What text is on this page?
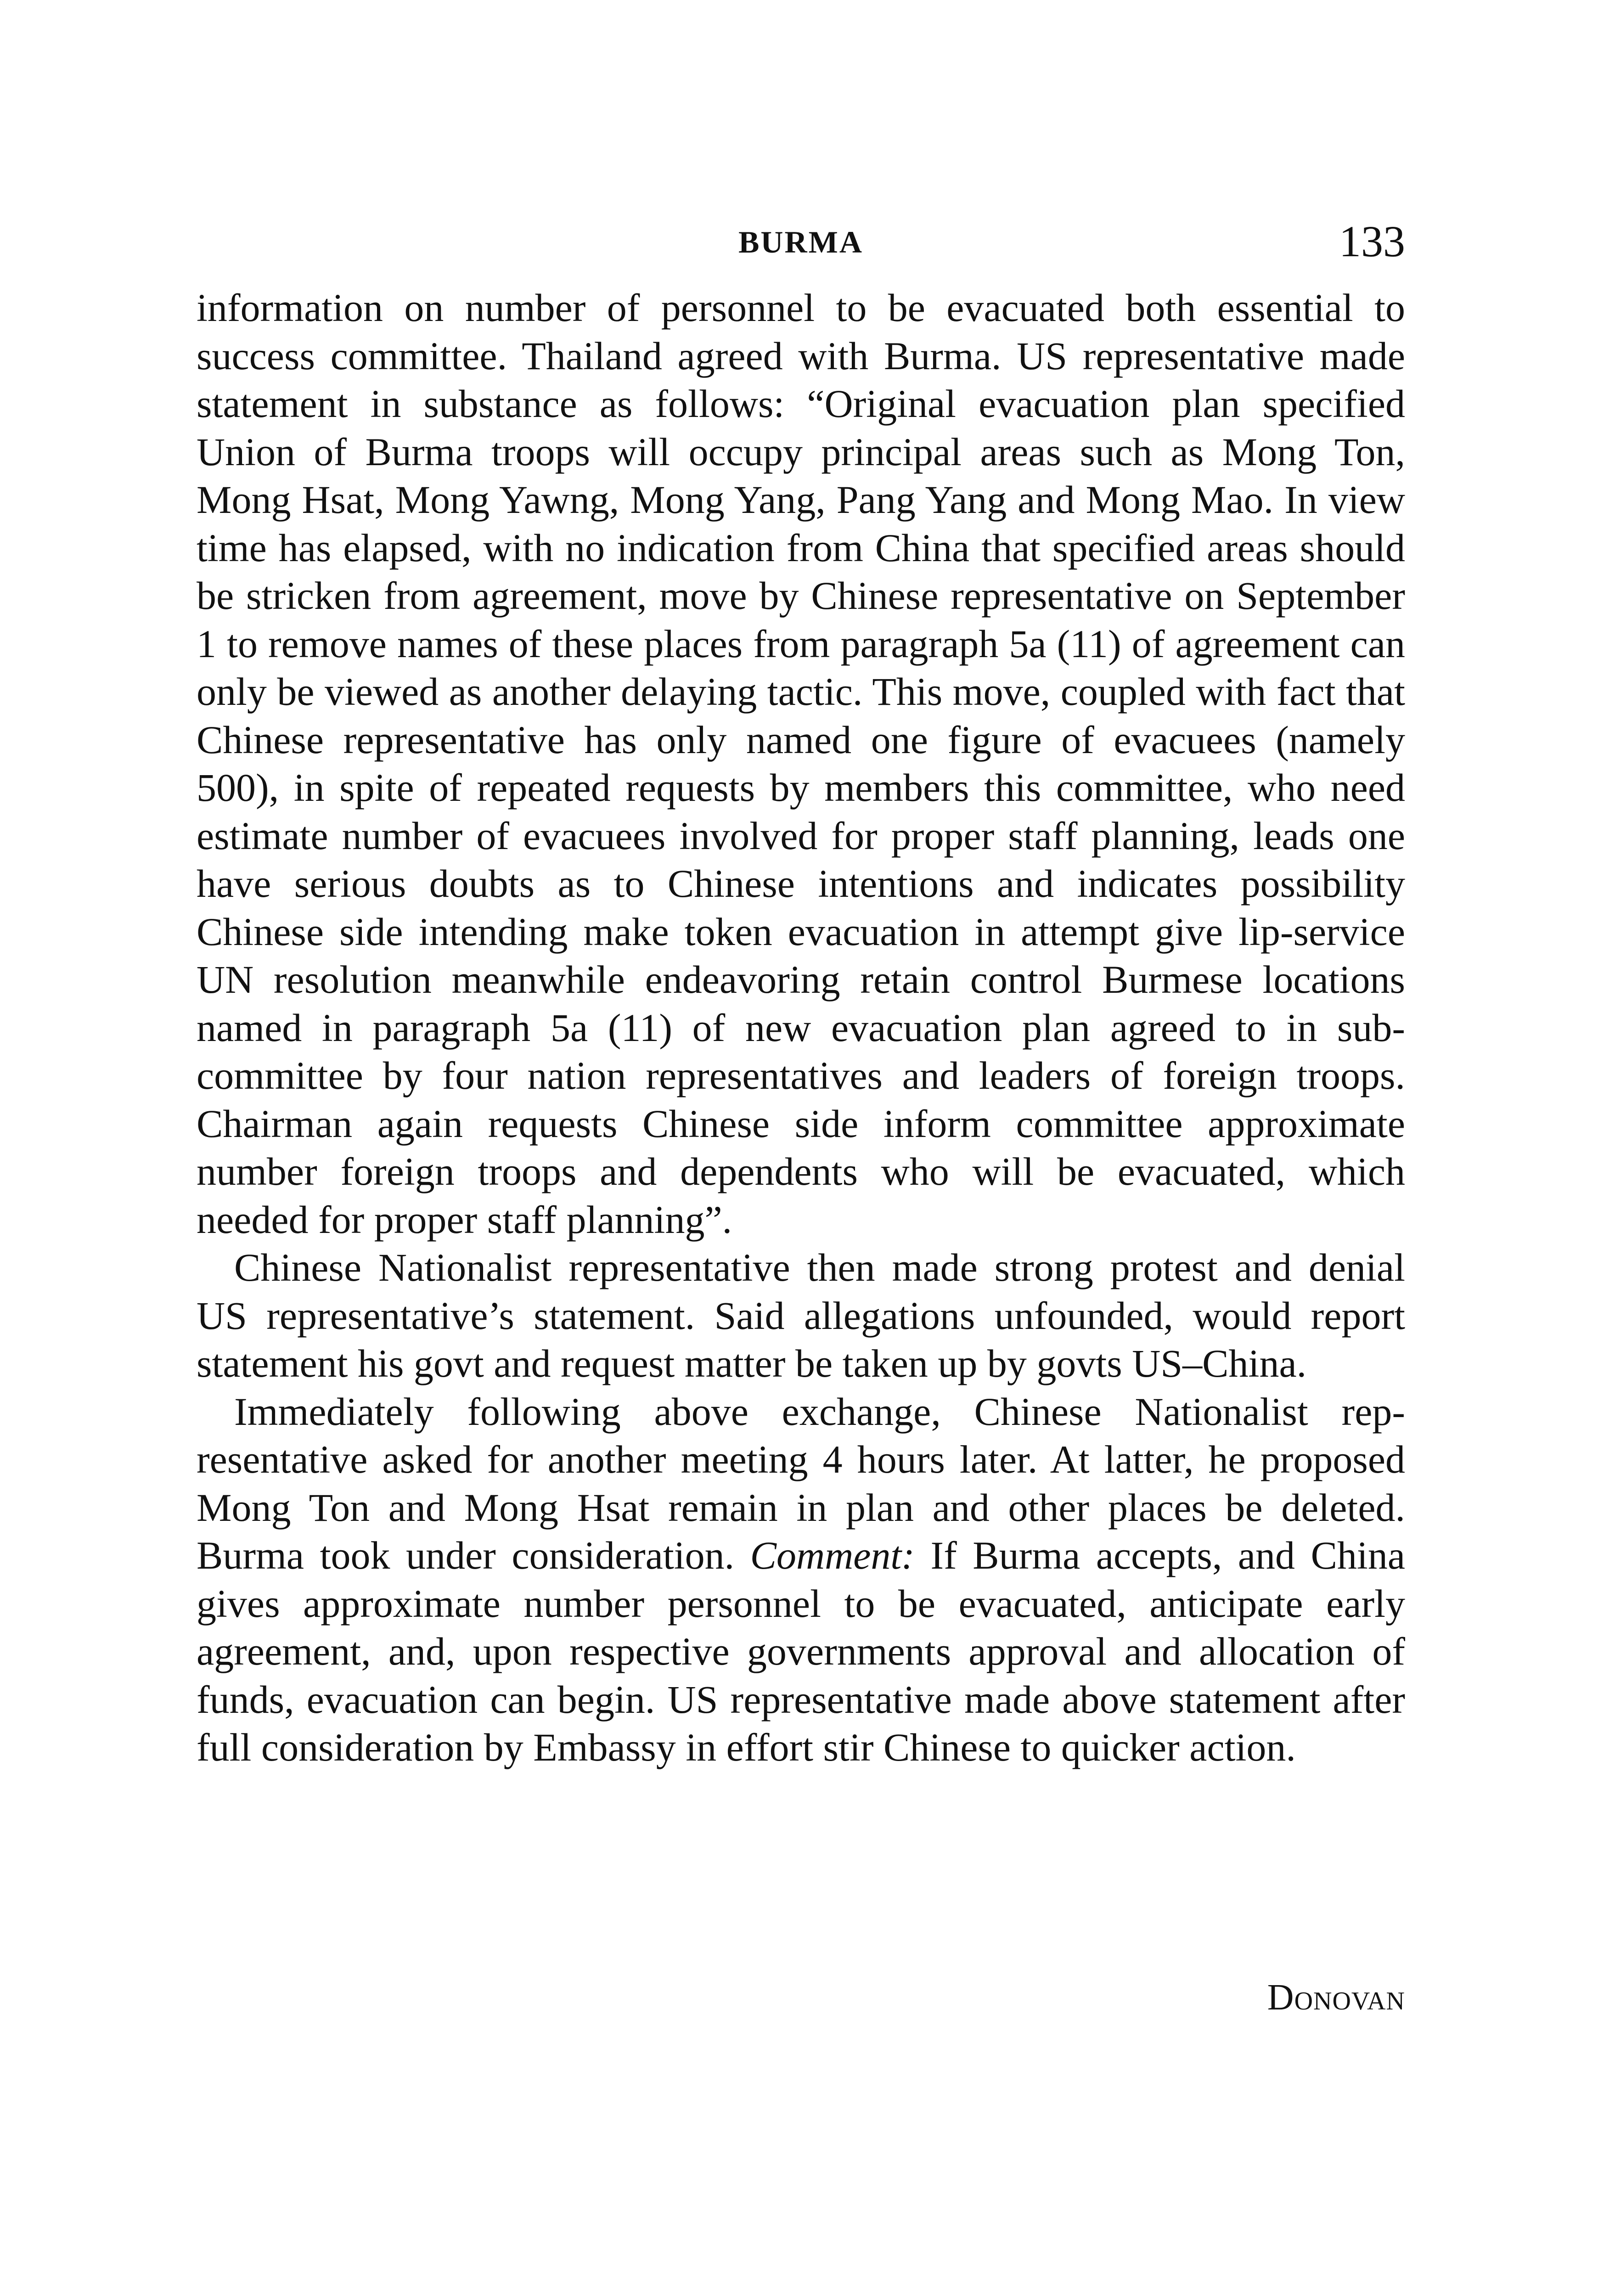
BURMA	133

information on number of personnel to be evacuated both essential to success committee. Thailand agreed with Burma. US representative made statement in substance as follows: “Original evacuation plan specified Union of Burma troops will occupy principal areas such as Mong Ton, Mong Hsat, Mong Yawng, Mong Yang, Pang Yang and Mong Mao. In view time has elapsed, with no indication from China that specified areas should be stricken from agreement, move by Chinese representative on September 1 to remove names of these places from paragraph 5a (11) of agreement can only be viewed as another delaying tactic. This move, coupled with fact that Chinese representative has only named one figure of evacuees (namely 500), in spite of repeated requests by members this committee, who need estimate number of evacuees involved for proper staff planning, leads one have serious doubts as to Chinese intentions and indicates possibility Chinese side intending make token evacuation in attempt give lip-service UN resolution meanwhile endeavoring retain control Burmese locations named in paragraph 5a (11) of new evacuation plan agreed to in sub-committee by four nation representatives and leaders of foreign troops. Chairman again requests Chinese side inform committee approximate number foreign troops and dependents who will be evacuated, which needed for proper staff planning”.

Chinese Nationalist representative then made strong protest and denial US representative’s statement. Said allegations unfounded, would report statement his govt and request matter be taken up by govts US–China.

Immediately following above exchange, Chinese Nationalist representative asked for another meeting 4 hours later. At latter, he proposed Mong Ton and Mong Hsat remain in plan and other places be deleted. Burma took under consideration. Comment: If Burma accepts, and China gives approximate number personnel to be evacuated, anticipate early agreement, and, upon respective governments approval and allocation of funds, evacuation can begin. US representative made above statement after full consideration by Embassy in effort stir Chinese to quicker action.

Donovan
